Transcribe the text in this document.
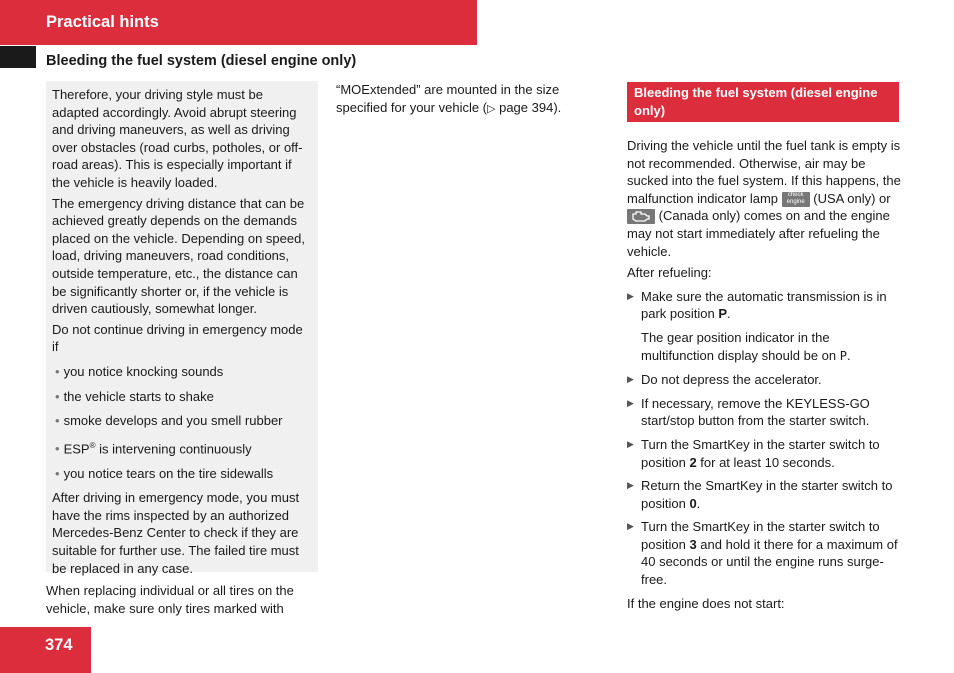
Practical hints
Bleeding the fuel system (diesel engine only)

Therefore, your driving style must be adapted accordingly. Avoid abrupt steering and driving maneuvers, as well as driving over obstacles (road curbs, potholes, or off-road areas). This is especially important if the vehicle is heavily loaded.

The emergency driving distance that can be achieved greatly depends on the demands placed on the vehicle. Depending on speed, load, driving maneuvers, road conditions, outside temperature, etc., the distance can be significantly shorter or, if the vehicle is driven cautiously, somewhat longer.

Do not continue driving in emergency mode if

• you notice knocking sounds
• the vehicle starts to shake
• smoke develops and you smell rubber
• ESP® is intervening continuously
• you notice tears on the tire sidewalls

After driving in emergency mode, you must have the rims inspected by an authorized Mercedes-Benz Center to check if they are suitable for further use. The failed tire must be replaced in any case.

When replacing individual or all tires on the vehicle, make sure only tires marked with

“MOExtended” are mounted in the size specified for your vehicle (▷ page 394).

Bleeding the fuel system (diesel engine only)

Driving the vehicle until the fuel tank is empty is not recommended. Otherwise, air may be sucked into the fuel system. If this happens, the malfunction indicator lamp check
engine (USA only) or
(Canada only) comes on and the engine may not start immediately after refueling the vehicle.

After refueling:

▶ Make sure the automatic transmission is in park position P.
The gear position indicator in the multifunction display should be on P.
▶ Do not depress the accelerator.
▶ If necessary, remove the KEYLESS-GO start/stop button from the starter switch.
▶ Turn the SmartKey in the starter switch to position 2 for at least 10 seconds.
▶ Return the SmartKey in the starter switch to position 0.
▶ Turn the SmartKey in the starter switch to position 3 and hold it there for a maximum of 40 seconds or until the engine runs surge-free.

If the engine does not start:

374
